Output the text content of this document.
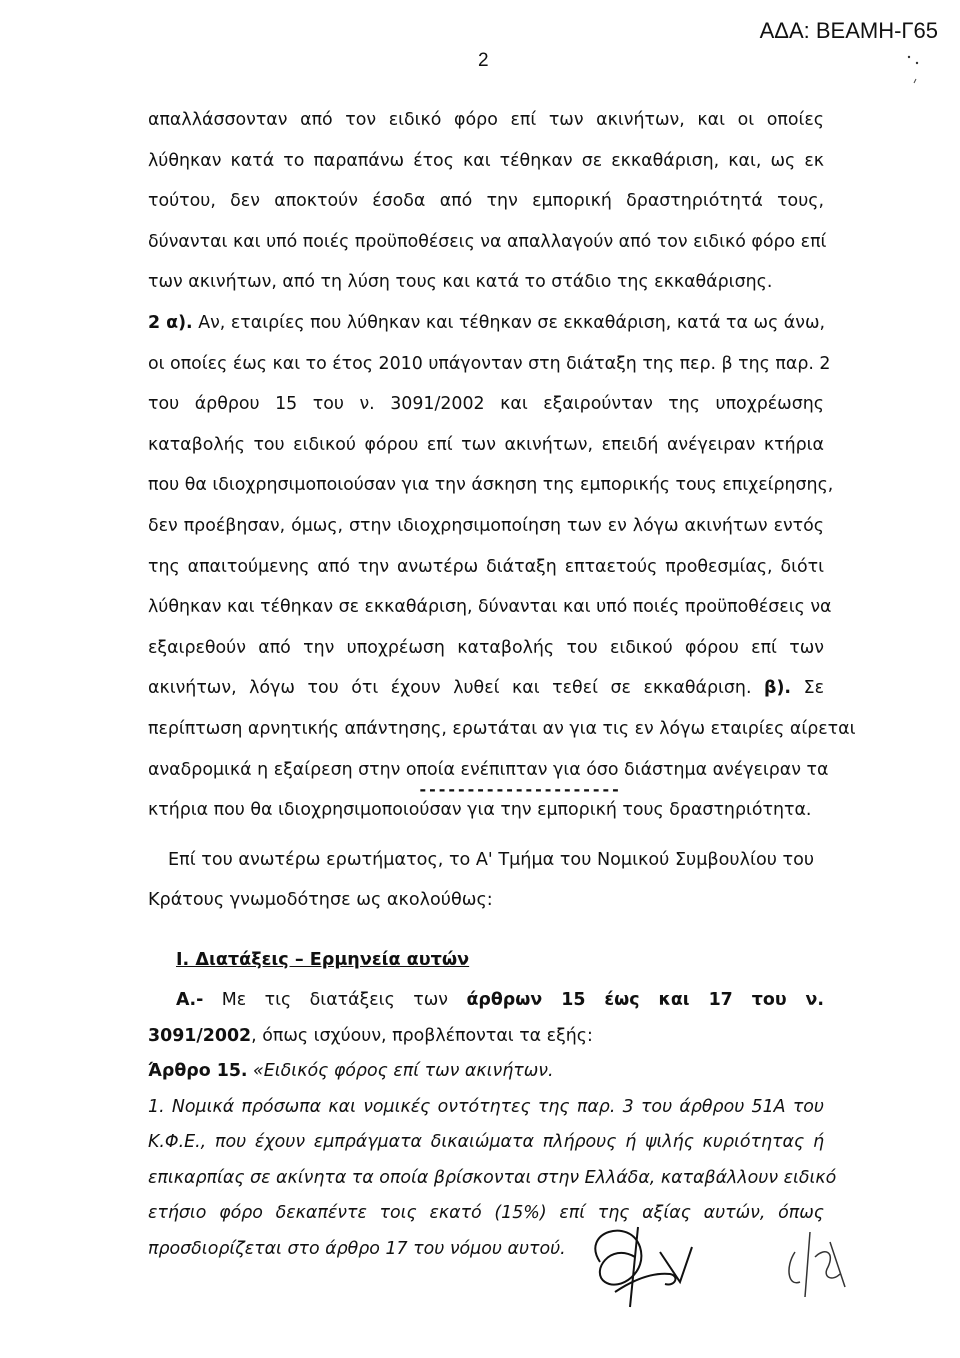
ΑΔΑ: ΒΕΑΜΗ-Γ65
2

απαλλάσσονταν από τον ειδικό φόρο επί των ακινήτων, και οι οποίες
λύθηκαν κατά το παραπάνω έτος και τέθηκαν σε εκκαθάριση, και, ως εκ
τούτου, δεν αποκτούν έσοδα από την εμπορική δραστηριότητά τους,
δύνανται και υπό ποιές προϋποθέσεις να απαλλαγούν από τον ειδικό φόρο επί
των ακινήτων, από τη λύση τους και κατά το στάδιο της εκκαθάρισης.

2 α). Αν, εταιρίες που λύθηκαν και τέθηκαν σε εκκαθάριση, κατά τα ως άνω,
οι οποίες έως και το έτος 2010 υπάγονταν στη διάταξη της περ. β της παρ. 2
του άρθρου 15 του ν. 3091/2002 και εξαιρούνταν της υποχρέωσης
καταβολής του ειδικού φόρου επί των ακινήτων, επειδή ανέγειραν κτήρια
που θα ιδιοχρησιμοποιούσαν για την άσκηση της εμπορικής τους επιχείρησης,
δεν προέβησαν, όμως, στην ιδιοχρησιμοποίηση των εν λόγω ακινήτων εντός
της απαιτούμενης από την ανωτέρω διάταξη επταετούς προθεσμίας, διότι
λύθηκαν και τέθηκαν σε εκκαθάριση, δύνανται και υπό ποιές προϋποθέσεις να
εξαιρεθούν από την υποχρέωση καταβολής του ειδικού φόρου επί των
ακινήτων, λόγω του ότι έχουν λυθεί και τεθεί σε εκκαθάριση. β). Σε
περίπτωση αρνητικής απάντησης, ερωτάται αν για τις εν λόγω εταιρίες αίρεται
αναδρομικά η εξαίρεση στην οποία ενέπιπταν για όσο διάστημα ανέγειραν τα
κτήρια που θα ιδιοχρησιμοποιούσαν για την εμπορική τους δραστηριότητα.

---------------------
Επί του ανωτέρω ερωτήματος, το Α' Τμήμα του Νομικού Συμβουλίου του
Κράτους γνωμοδότησε ως ακολούθως:
Ι. Διατάξεις – Ερμηνεία αυτών
Α.- Με τις διατάξεις των άρθρων 15 έως και 17 του ν.
3091/2002, όπως ισχύουν, προβλέπονται τα εξής:
Άρθρο 15. «Ειδικός φόρος επί των ακινήτων.
1. Νομικά πρόσωπα και νομικές οντότητες της παρ. 3 του άρθρου 51Α του
Κ.Φ.Ε., που έχουν εμπράγματα δικαιώματα πλήρους ή ψιλής κυριότητας ή
επικαρπίας σε ακίνητα τα οποία βρίσκονται στην Ελλάδα, καταβάλλουν ειδικό
ετήσιο φόρο δεκαπέντε τοις εκατό (15%) επί της αξίας αυτών, όπως
προσδιορίζεται στο άρθρο 17 του νόμου αυτού.
